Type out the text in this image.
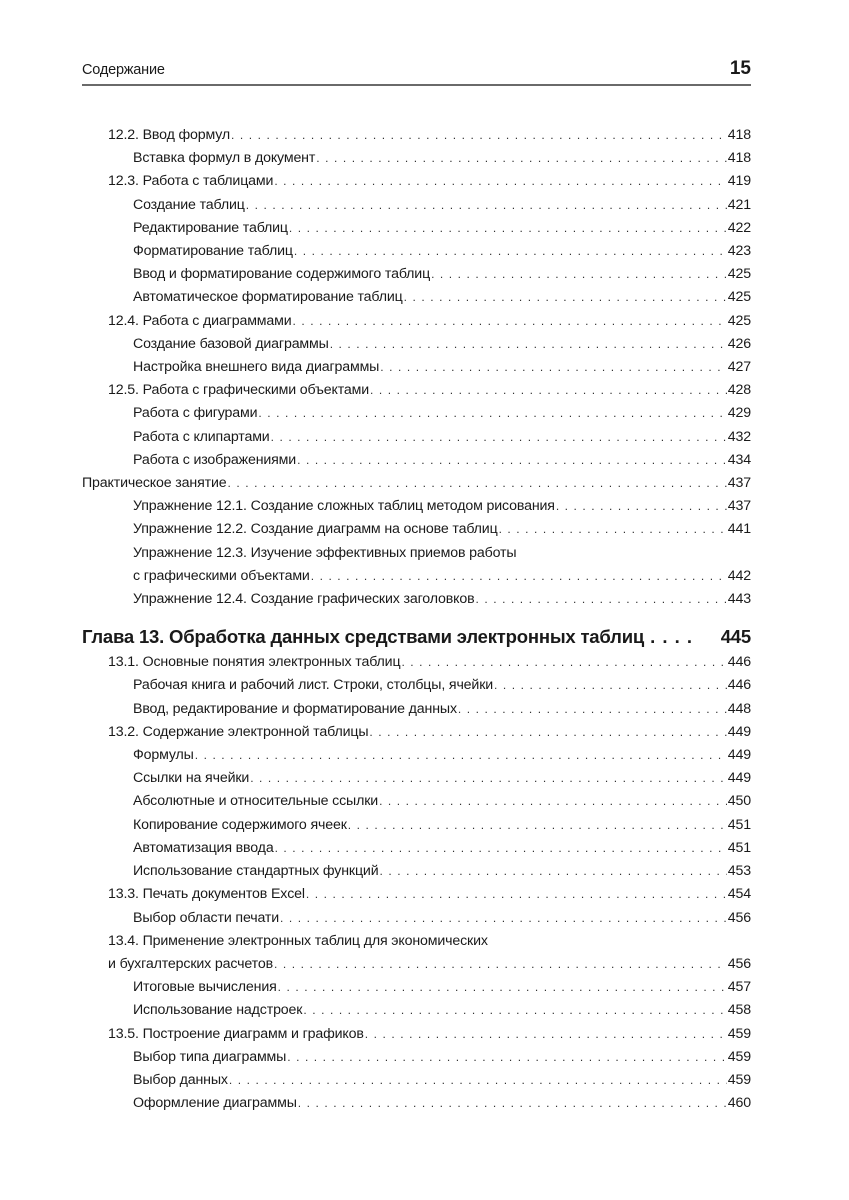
Содержание	15
12.2. Ввод формул . . .	418
Вставка формул в документ . . .	418
12.3. Работа с таблицами . . .	419
Создание таблиц . . .	421
Редактирование таблиц . . .	422
Форматирование таблиц . . .	423
Ввод и форматирование содержимого таблиц . . .	425
Автоматическое форматирование таблиц . . .	425
12.4. Работа с диаграммами . . .	425
Создание базовой диаграммы . . .	426
Настройка внешнего вида диаграммы . . .	427
12.5. Работа с графическими объектами . . .	428
Работа с фигурами . . .	429
Работа с клипартами . . .	432
Работа с изображениями . . .	434
Практическое занятие . . .	437
Упражнение 12.1. Создание сложных таблиц методом рисования . . .	437
Упражнение 12.2. Создание диаграмм на основе таблиц . . .	441
Упражнение 12.3. Изучение эффективных приемов работы
с графическими объектами . . .	442
Упражнение 12.4. Создание графических заголовков . . .	443
Глава 13. Обработка данных средствами электронных таблиц . . . . 445
13.1. Основные понятия электронных таблиц . . .	446
Рабочая книга и рабочий лист. Строки, столбцы, ячейки . . .	446
Ввод, редактирование и форматирование данных . . .	448
13.2. Содержание электронной таблицы . . .	449
Формулы . . .	449
Ссылки на ячейки . . .	449
Абсолютные и относительные ссылки . . .	450
Копирование содержимого ячеек . . .	451
Автоматизация ввода . . .	451
Использование стандартных функций . . .	453
13.3. Печать документов Excel . . .	454
Выбор области печати . . .	456
13.4. Применение электронных таблиц для экономических
и бухгалтерских расчетов . . .	456
Итоговые вычисления . . .	457
Использование надстроек . . .	458
13.5. Построение диаграмм и графиков . . .	459
Выбор типа диаграммы . . .	459
Выбор данных . . .	459
Оформление диаграммы . . .	460
